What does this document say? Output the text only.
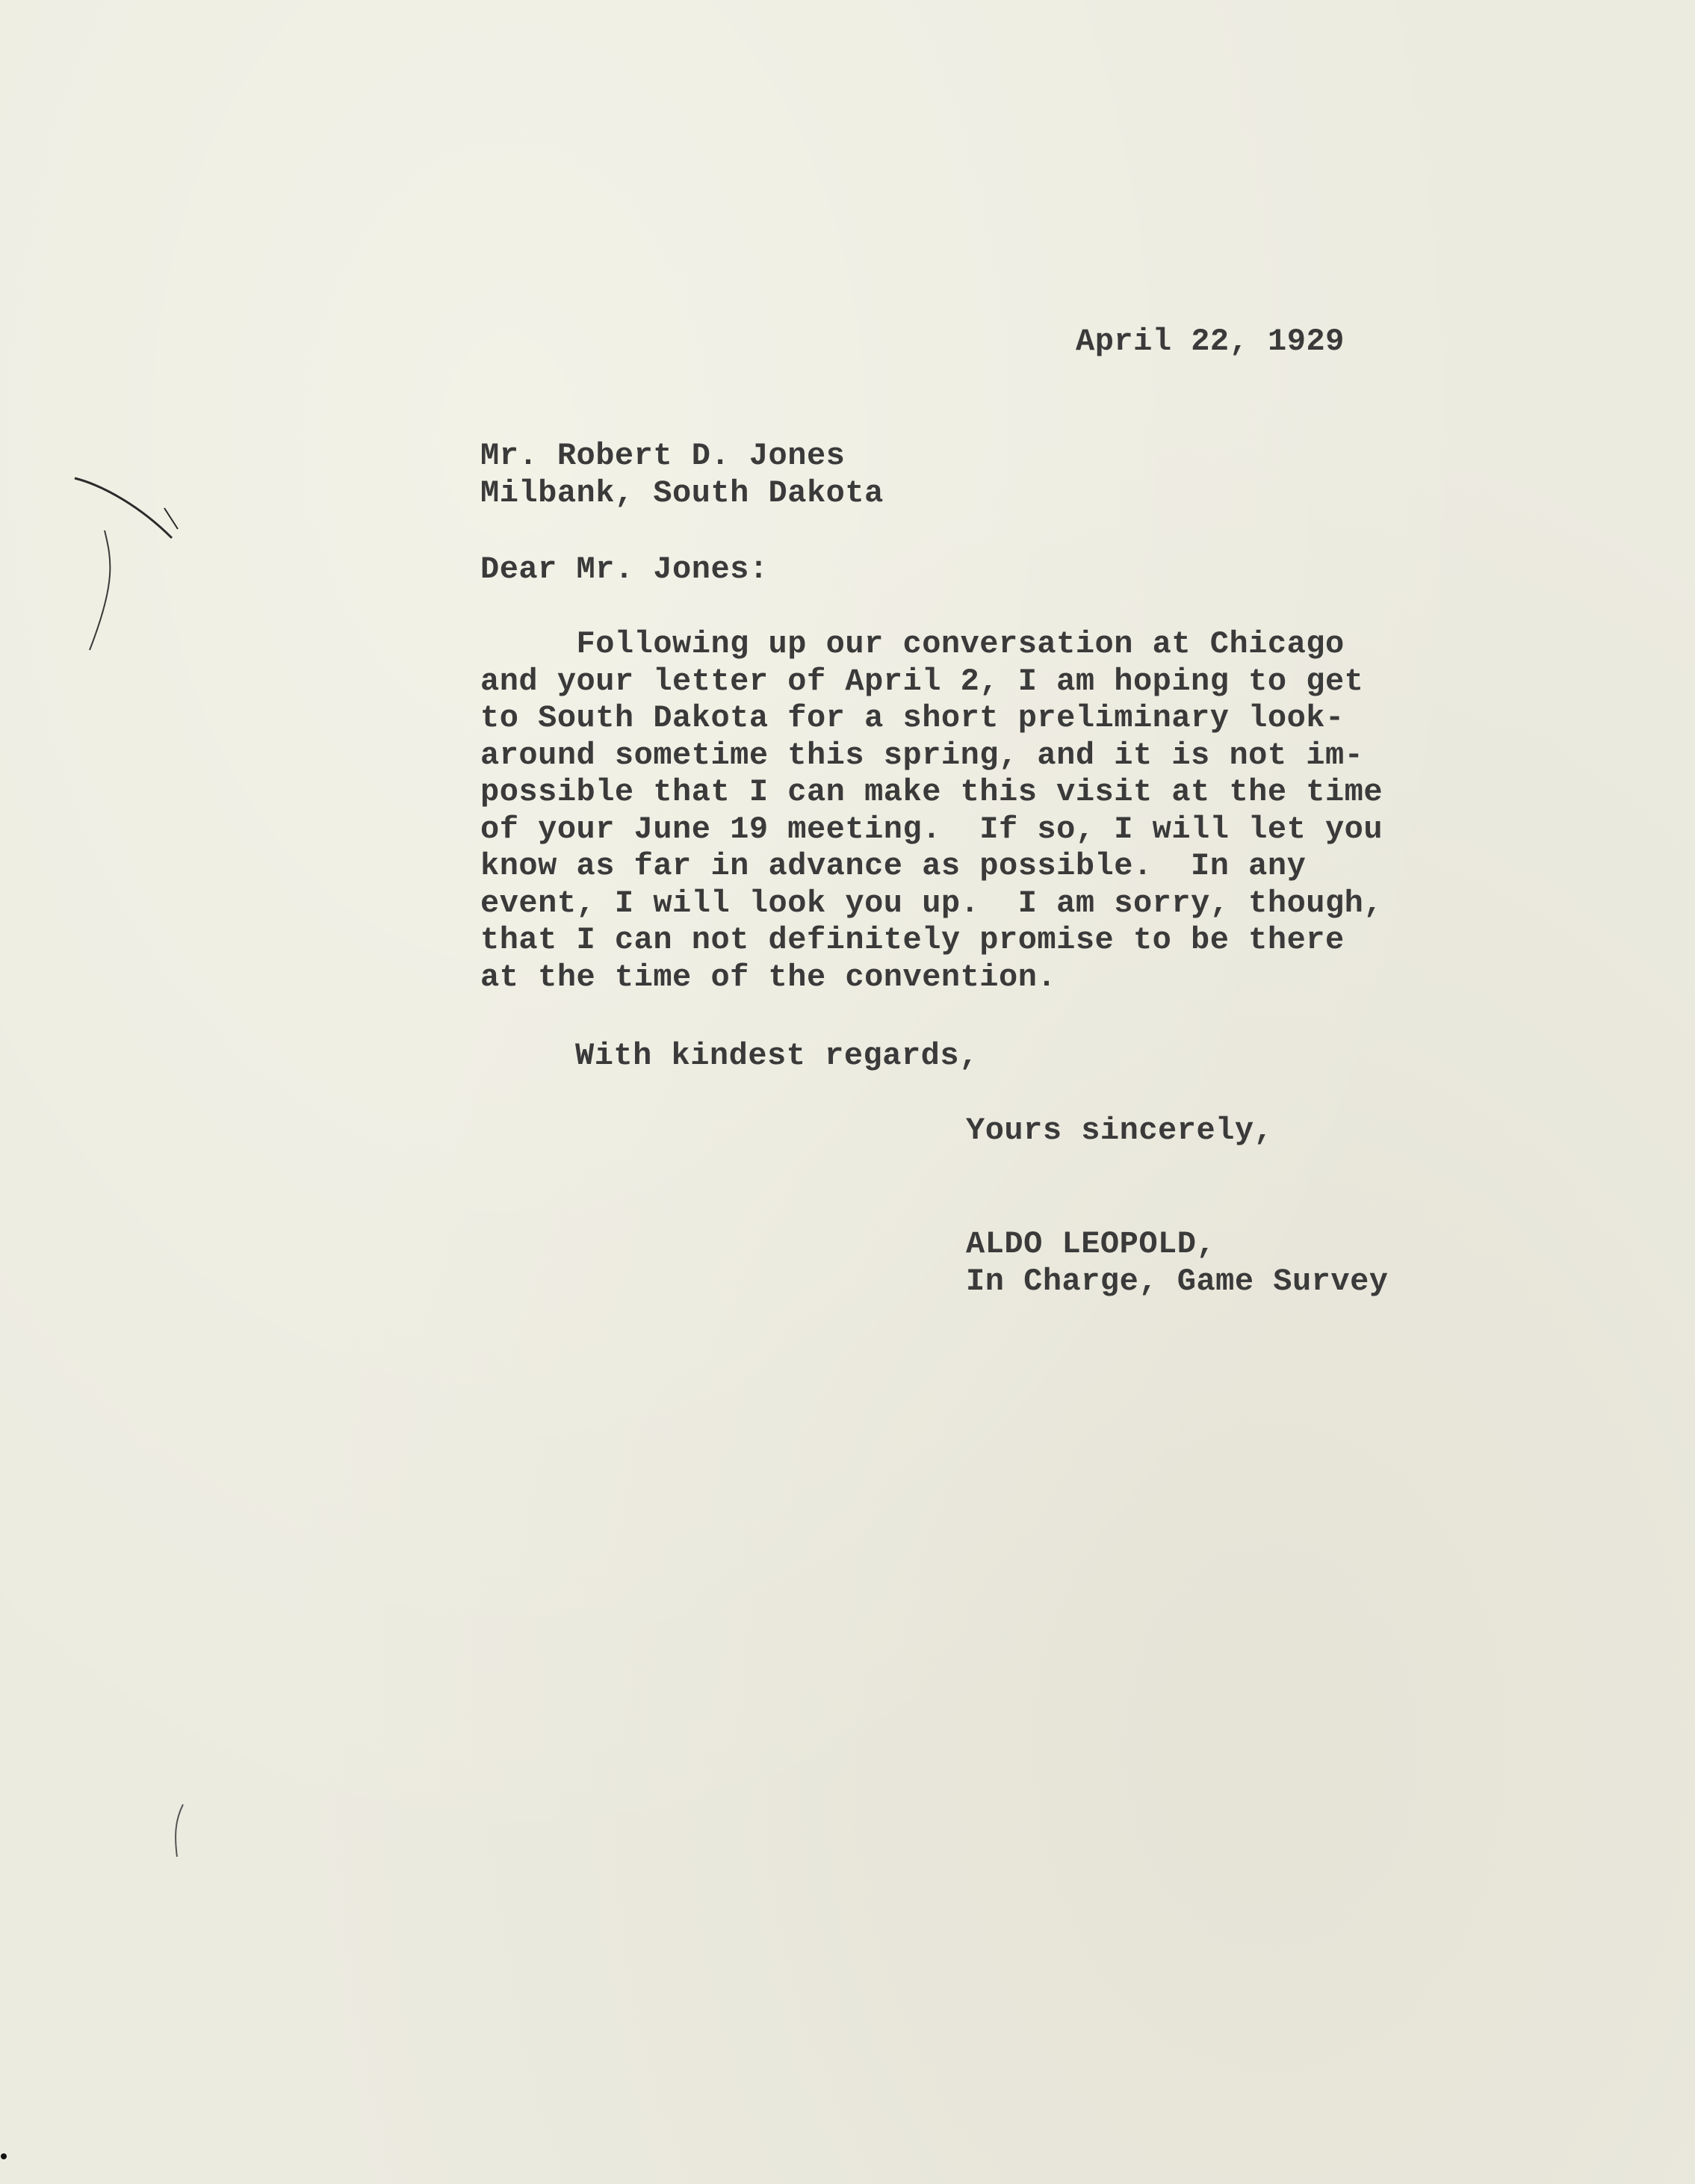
April 22, 1929
Mr. Robert D. Jones
Milbank, South Dakota
Dear Mr. Jones:
Following up our conversation at Chicago
and your letter of April 2, I am hoping to get
to South Dakota for a short preliminary look-
around sometime this spring, and it is not im-
possible that I can make this visit at the time
of your June 19 meeting.  If so, I will let you
know as far in advance as possible.  In any
event, I will look you up.  I am sorry, though,
that I can not definitely promise to be there
at the time of the convention.
With kindest regards,
Yours sincerely,
ALDO LEOPOLD,
In Charge, Game Survey
